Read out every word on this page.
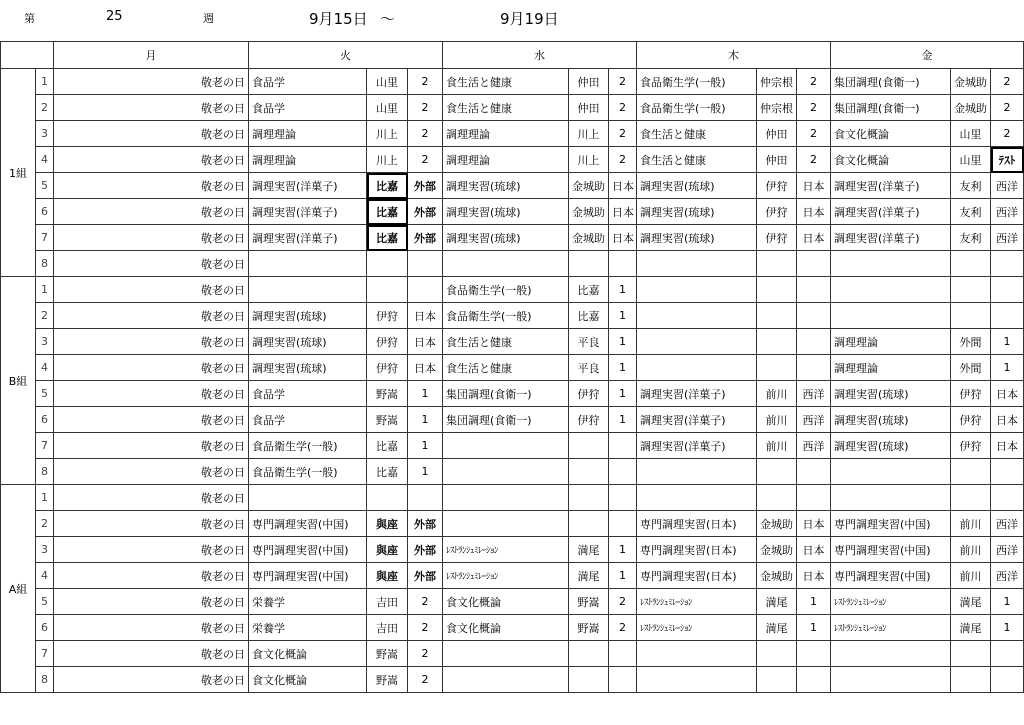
第	25	週	9月15日 ～	9月19日
		月	火			水			木			金		
1組	1	敬老の日	食品学	山里	2	食生活と健康	仲田	2	食品衛生学(一般)	仲宗根	2	集団調理(食衛一)	金城助	2
	2	敬老の日	食品学	山里	2	食生活と健康	仲田	2	食品衛生学(一般)	仲宗根	2	集団調理(食衛一)	金城助	2
	3	敬老の日	調理理論	川上	2	調理理論	川上	2	食生活と健康	仲田	2	食文化概論	山里	2
	4	敬老の日	調理理論	川上	2	調理理論	川上	2	食生活と健康	仲田	2	食文化概論	山里	ﾃｽﾄ
	5	敬老の日	調理実習(洋菓子)	比嘉	外部	調理実習(琉球)	金城助	日本	調理実習(琉球)	伊狩	日本	調理実習(洋菓子)	友利	西洋
	6	敬老の日	調理実習(洋菓子)	比嘉	外部	調理実習(琉球)	金城助	日本	調理実習(琉球)	伊狩	日本	調理実習(洋菓子)	友利	西洋
	7	敬老の日	調理実習(洋菓子)	比嘉	外部	調理実習(琉球)	金城助	日本	調理実習(琉球)	伊狩	日本	調理実習(洋菓子)	友利	西洋
	8	敬老の日												
B組	1	敬老の日				食品衛生学(一般)	比嘉	1						
	2	敬老の日	調理実習(琉球)	伊狩	日本	食品衛生学(一般)	比嘉	1						
	3	敬老の日	調理実習(琉球)	伊狩	日本	食生活と健康	平良	1				調理理論	外間	1
	4	敬老の日	調理実習(琉球)	伊狩	日本	食生活と健康	平良	1				調理理論	外間	1
	5	敬老の日	食品学	野嵩	1	集団調理(食衛一)	伊狩	1	調理実習(洋菓子)	前川	西洋	調理実習(琉球)	伊狩	日本
	6	敬老の日	食品学	野嵩	1	集団調理(食衛一)	伊狩	1	調理実習(洋菓子)	前川	西洋	調理実習(琉球)	伊狩	日本
	7	敬老の日	食品衛生学(一般)	比嘉	1				調理実習(洋菓子)	前川	西洋	調理実習(琉球)	伊狩	日本
	8	敬老の日	食品衛生学(一般)	比嘉	1									
A組	1	敬老の日												
	2	敬老の日	専門調理実習(中国)	與座	外部				専門調理実習(日本)	金城助	日本	専門調理実習(中国)	前川	西洋
	3	敬老の日	専門調理実習(中国)	與座	外部	ﾚｽﾄﾗﾝｼｭﾐﾚｰｼｮﾝ	満尾	1	専門調理実習(日本)	金城助	日本	専門調理実習(中国)	前川	西洋
	4	敬老の日	専門調理実習(中国)	與座	外部	ﾚｽﾄﾗﾝｼｭﾐﾚｰｼｮﾝ	満尾	1	専門調理実習(日本)	金城助	日本	専門調理実習(中国)	前川	西洋
	5	敬老の日	栄養学	吉田	2	食文化概論	野嵩	2	ﾚｽﾄﾗﾝｼｭﾐﾚｰｼｮﾝ	満尾	1	ﾚｽﾄﾗﾝｼｭﾐﾚｰｼｮﾝ	満尾	1
	6	敬老の日	栄養学	吉田	2	食文化概論	野嵩	2	ﾚｽﾄﾗﾝｼｭﾐﾚｰｼｮﾝ	満尾	1	ﾚｽﾄﾗﾝｼｭﾐﾚｰｼｮﾝ	満尾	1
	7	敬老の日	食文化概論	野嵩	2									
	8	敬老の日	食文化概論	野嵩	2									
